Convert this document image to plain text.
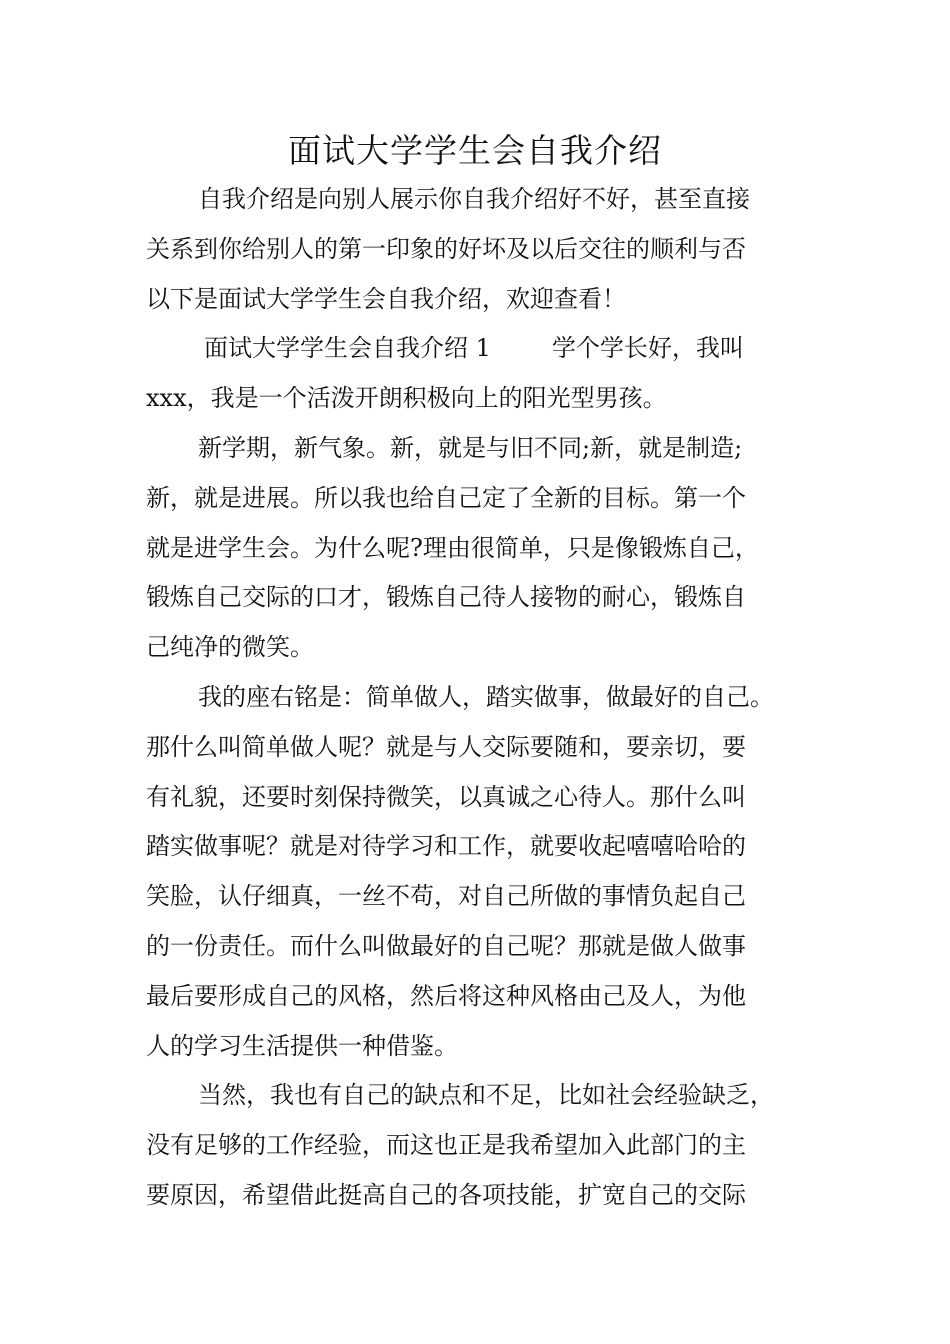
面试大学学生会自我介绍
自我介绍是向别人展示你自我介绍好不好，甚至直接
关系到你给别人的第一印象的好坏及以后交往的顺利与否
以下是面试大学学生会自我介绍，欢迎查看！
面试大学学生会自我介绍 1        学个学长好，我叫
xxx，我是一个活泼开朗积极向上的阳光型男孩。
新学期，新气象。新，就是与旧不同;新，就是制造;
新，就是进展。所以我也给自己定了全新的目标。第一个
就是进学生会。为什么呢?理由很简单，只是像锻炼自己，
锻炼自己交际的口才，锻炼自己待人接物的耐心，锻炼自
己纯净的微笑。
我的座右铭是：简单做人，踏实做事，做最好的自己。
那什么叫简单做人呢？就是与人交际要随和，要亲切，要
有礼貌，还要时刻保持微笑，以真诚之心待人。那什么叫
踏实做事呢？就是对待学习和工作，就要收起嘻嘻哈哈的
笑脸，认仔细真，一丝不苟，对自己所做的事情负起自己
的一份责任。而什么叫做最好的自己呢？那就是做人做事
最后要形成自己的风格，然后将这种风格由己及人，为他
人的学习生活提供一种借鉴。
当然，我也有自己的缺点和不足，比如社会经验缺乏，
没有足够的工作经验，而这也正是我希望加入此部门的主
要原因，希望借此挺高自己的各项技能，扩宽自己的交际
